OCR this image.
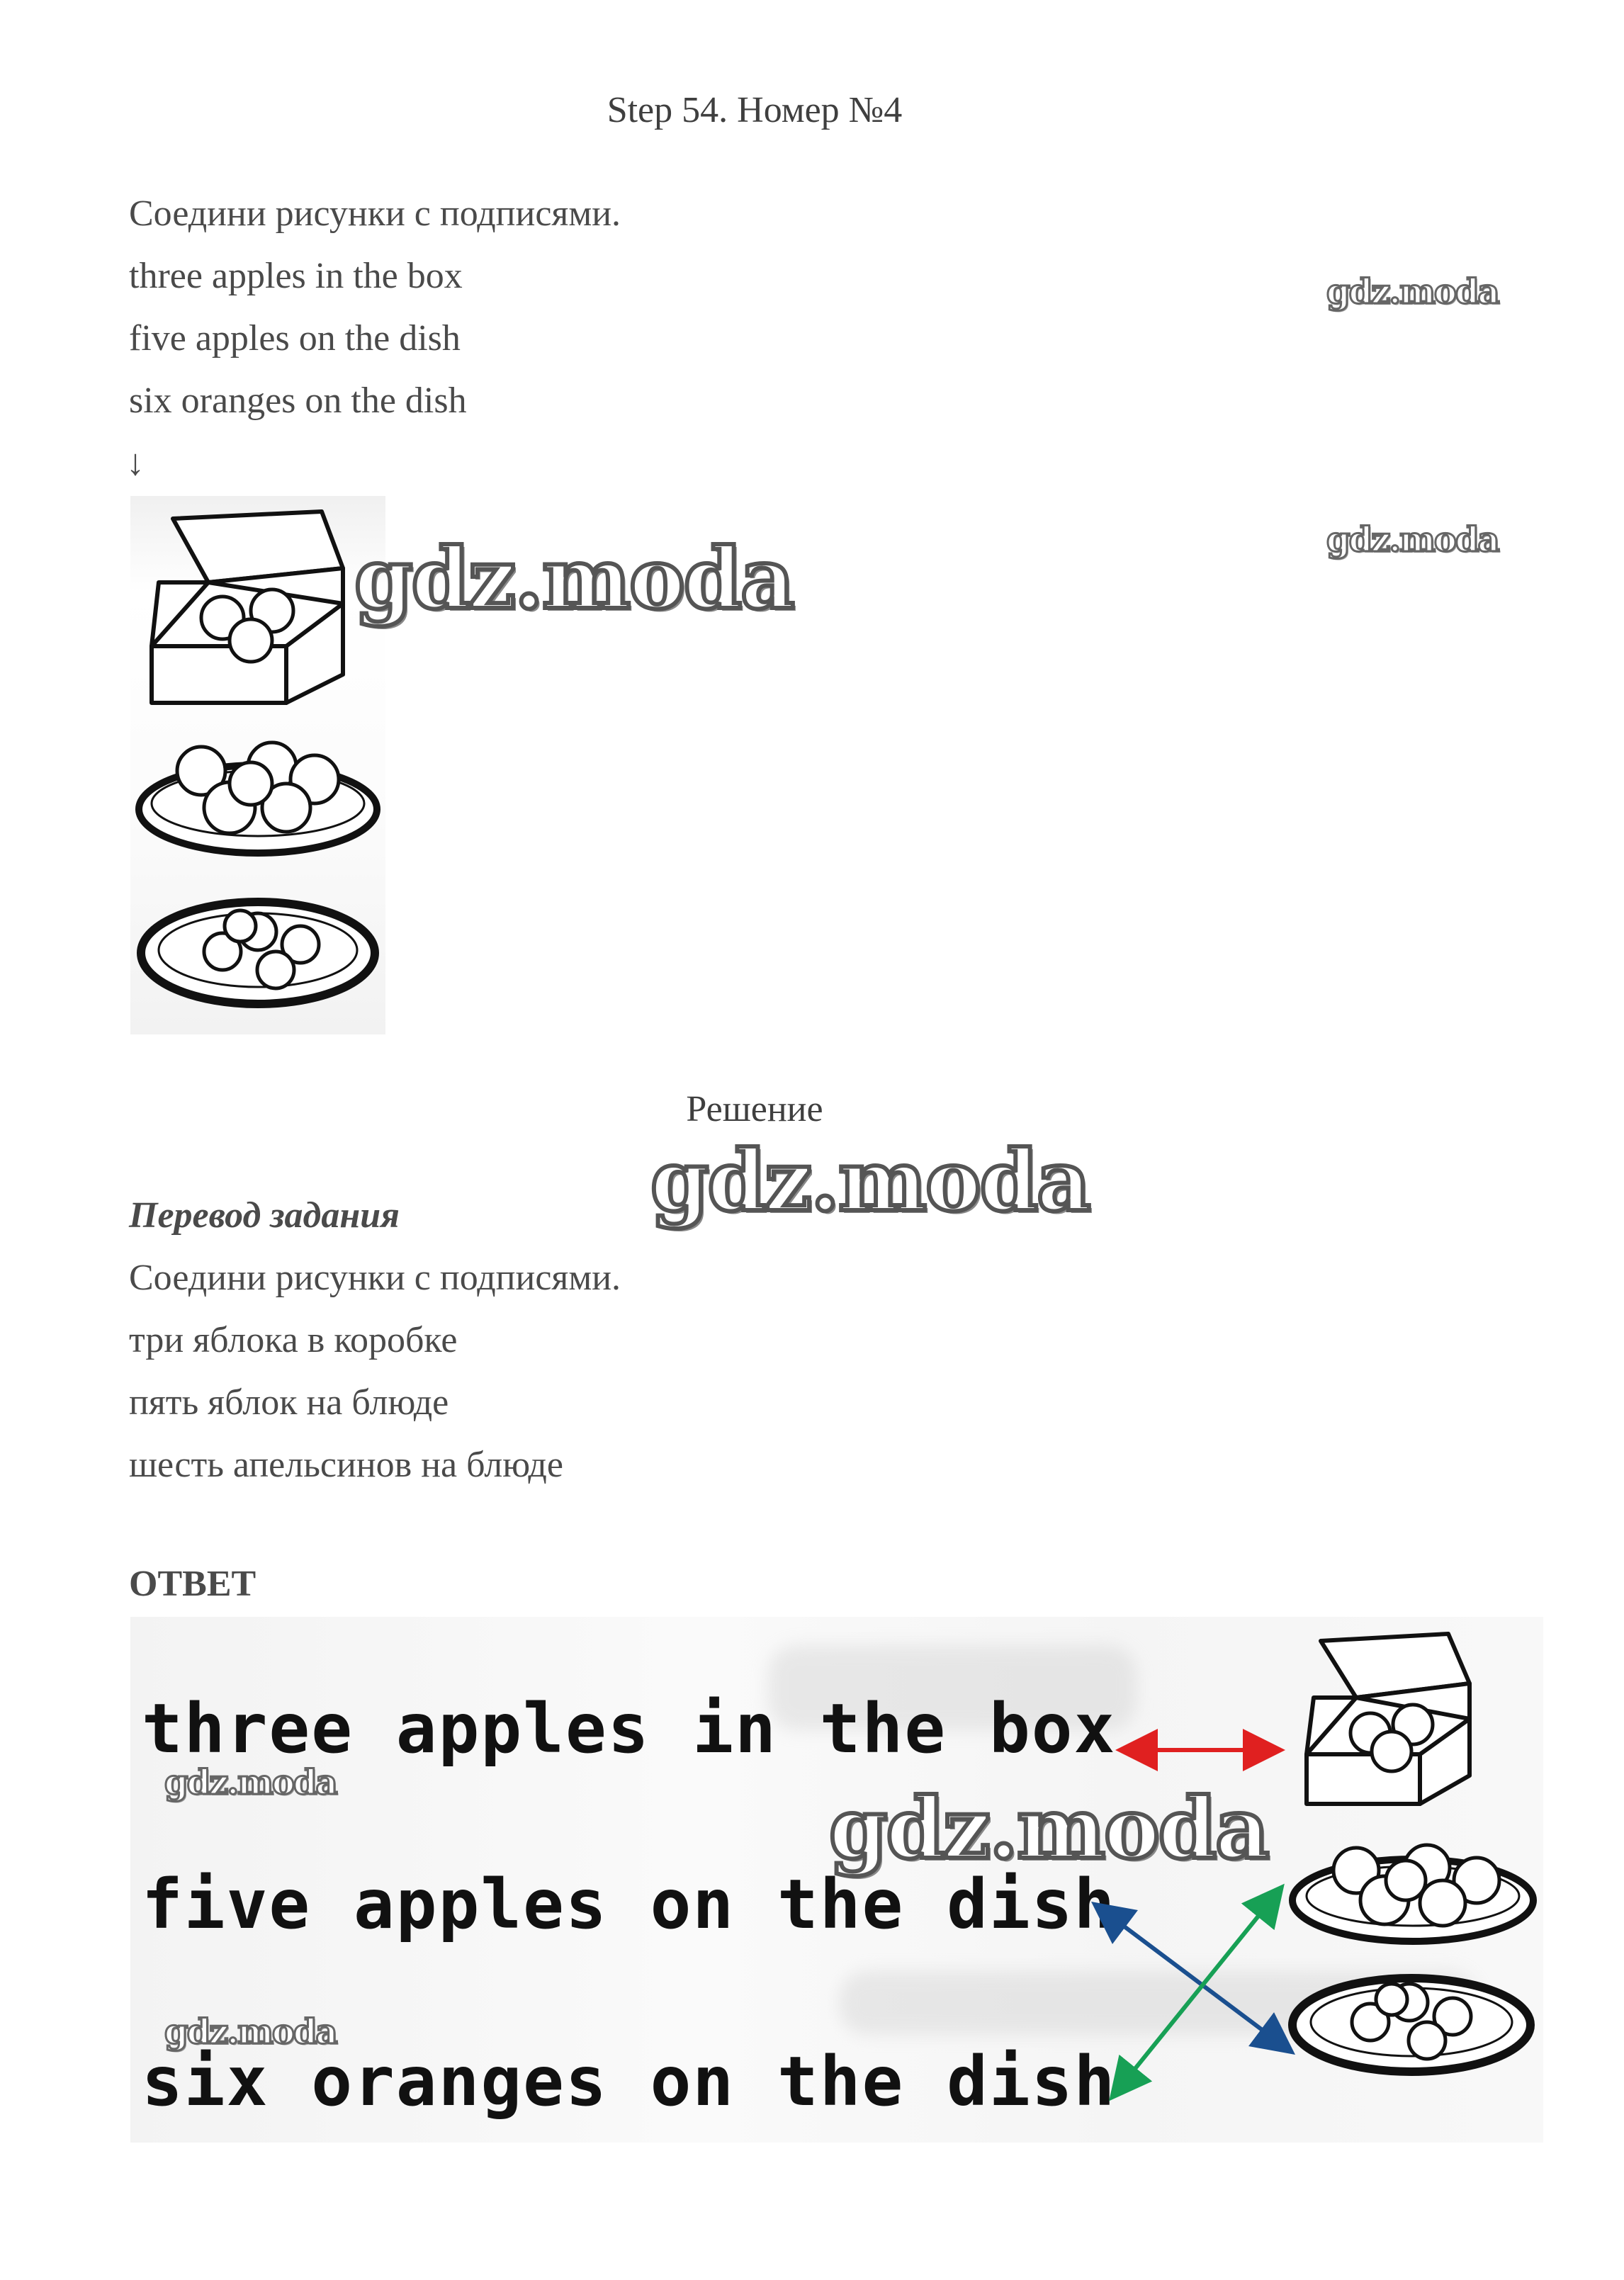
Step 54. Номер №4
Соедини рисунки с подписями.
three apples in the box
five apples on the dish
six oranges on the dish
↓
gdz.moda
gdz.moda
gdz.moda
Решение
gdz.moda
Перевод задания
Соедини рисунки с подписями.
три яблока в коробке
пять яблок на блюде
шесть апельсинов на блюде
ОТВЕТ
three apples in the box
five apples on the dish
six oranges on the dish
gdz.moda
gdz.moda
gdz.moda
